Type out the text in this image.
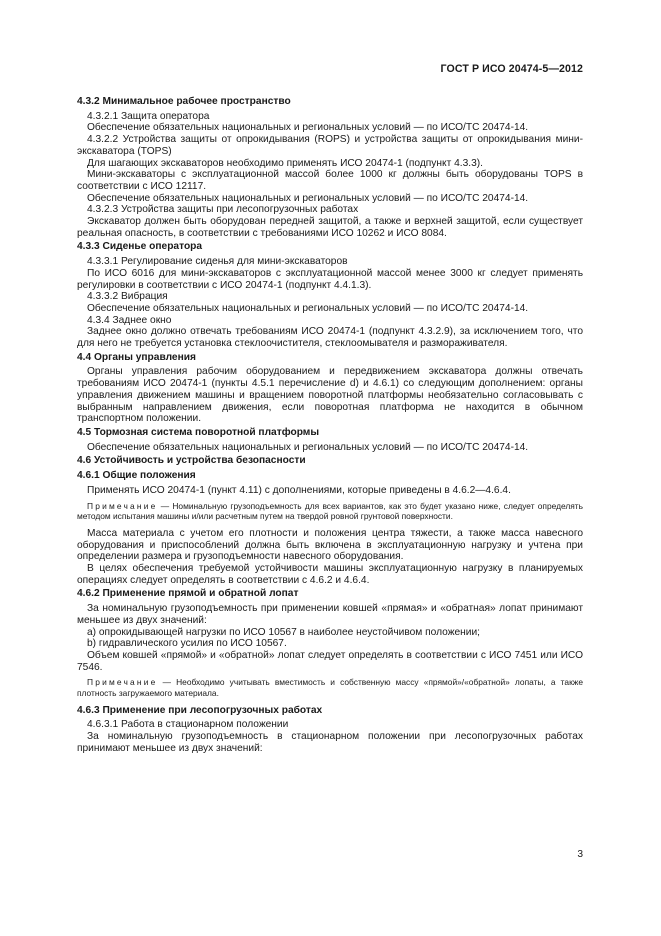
ГОСТ Р ИСО 20474-5—2012
4.3.2 Минимальное рабочее пространство
4.3.2.1 Защита оператора
Обеспечение обязательных национальных и региональных условий — по ИСО/ТС 20474-14.
4.3.2.2 Устройства защиты от опрокидывания (ROPS) и устройства защиты от опрокидывания мини-экскаватора (TOPS)
Для шагающих экскаваторов необходимо применять ИСО 20474-1 (подпункт 4.3.3).
Мини-экскаваторы с эксплуатационной массой более 1000 кг должны быть оборудованы TOPS в соответствии с ИСО 12117.
Обеспечение обязательных национальных и региональных условий — по ИСО/ТС 20474-14.
4.3.2.3 Устройства защиты при лесопогрузочных работах
Экскаватор должен быть оборудован передней защитой, а также и верхней защитой, если существует реальная опасность, в соответствии с требованиями ИСО 10262 и ИСО 8084.
4.3.3 Сиденье оператора
4.3.3.1 Регулирование сиденья для мини-экскаваторов
По ИСО 6016 для мини-экскаваторов с эксплуатационной массой менее 3000 кг следует применять регулировки в соответствии с ИСО 20474-1 (подпункт 4.4.1.3).
4.3.3.2 Вибрация
Обеспечение обязательных национальных и региональных условий — по ИСО/ТС 20474-14.
4.3.4 Заднее окно
Заднее окно должно отвечать требованиям ИСО 20474-1 (подпункт 4.3.2.9), за исключением того, что для него не требуется установка стеклоочистителя, стеклоомывателя и размораживателя.
4.4 Органы управления
Органы управления рабочим оборудованием и передвижением экскаватора должны отвечать требованиям ИСО 20474-1 (пункты 4.5.1 перечисление d) и 4.6.1) со следующим дополнением: органы управления движением машины и вращением поворотной платформы необязательно согласовывать с выбранным направлением движения, если поворотная платформа не находится в обычном транспортном положении.
4.5 Тормозная система поворотной платформы
Обеспечение обязательных национальных и региональных условий — по ИСО/ТС 20474-14.
4.6 Устойчивость и устройства безопасности
4.6.1 Общие положения
Применять ИСО 20474-1 (пункт 4.11) с дополнениями, которые приведены в 4.6.2—4.6.4.
Примечание — Номинальную грузоподъемность для всех вариантов, как это будет указано ниже, следует определять методом испытания машины и/или расчетным путем на твердой ровной грунтовой поверхности.
Масса материала с учетом его плотности и положения центра тяжести, а также масса навесного оборудования и приспособлений должна быть включена в эксплуатационную нагрузку и учтена при определении размера и грузоподъемности навесного оборудования.
В целях обеспечения требуемой устойчивости машины эксплуатационную нагрузку в планируемых операциях следует определять в соответствии с 4.6.2 и 4.6.4.
4.6.2 Применение прямой и обратной лопат
За номинальную грузоподъемность при применении ковшей «прямая» и «обратная» лопат принимают меньшее из двух значений:
a) опрокидывающей нагрузки по ИСО 10567 в наиболее неустойчивом положении;
b) гидравлического усилия по ИСО 10567.
Объем ковшей «прямой» и «обратной» лопат следует определять в соответствии с ИСО 7451 или ИСО 7546.
Примечание — Необходимо учитывать вместимость и собственную массу «прямой»/«обратной» лопаты, а также плотность загружаемого материала.
4.6.3 Применение при лесопогрузочных работах
4.6.3.1 Работа в стационарном положении
За номинальную грузоподъемность в стационарном положении при лесопогрузочных работах принимают меньшее из двух значений:
3
